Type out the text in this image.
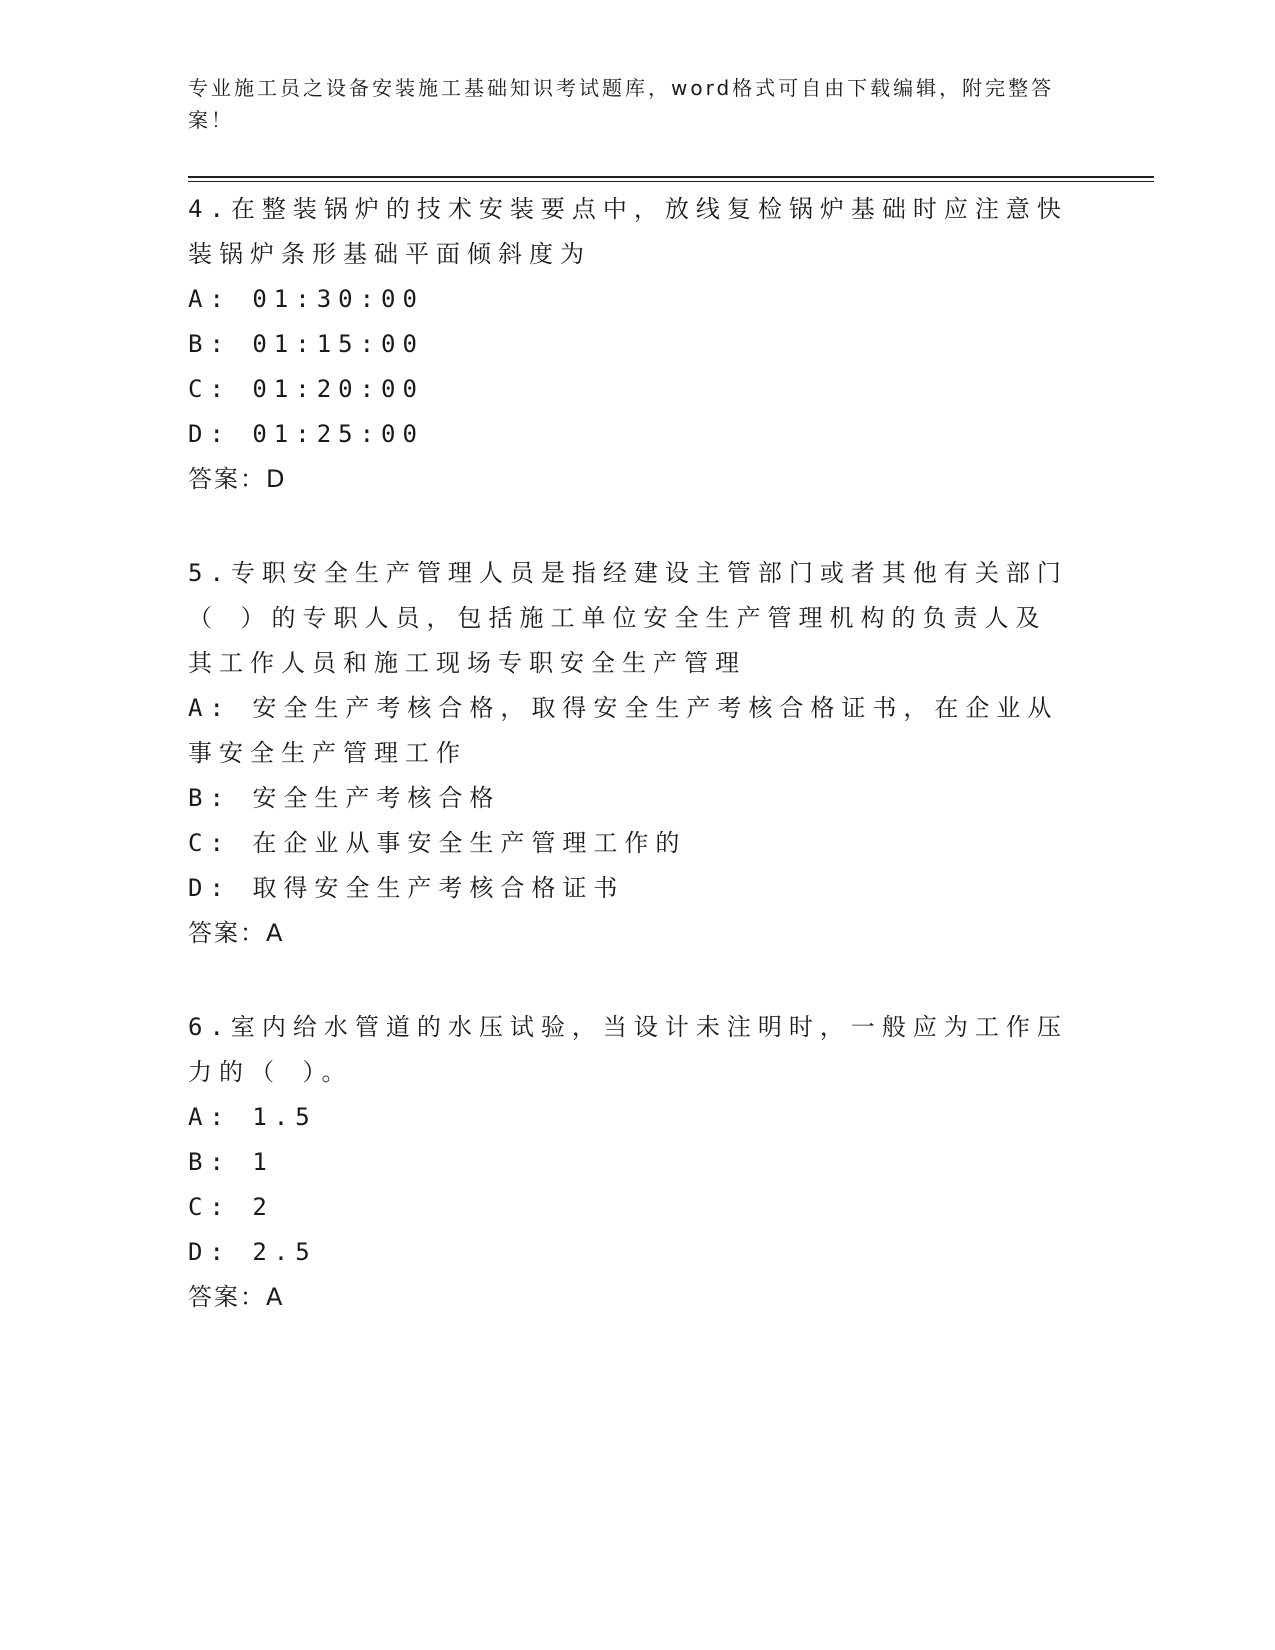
专业施工员之设备安装施工基础知识考试题库，word格式可自由下载编辑，附完整答案！

4.在整装锅炉的技术安装要点中，放线复检锅炉基础时应注意快装锅炉条形基础平面倾斜度为

A: 01:30:00

B: 01:15:00

C: 01:20:00

D: 01:25:00

答案：D

5.专职安全生产管理人员是指经建设主管部门或者其他有关部门（ ）的专职人员，包括施工单位安全生产管理机构的负责人及其工作人员和施工现场专职安全生产管理

A: 安全生产考核合格，取得安全生产考核合格证书，在企业从事安全生产管理工作

B: 安全生产考核合格

C: 在企业从事安全生产管理工作的

D: 取得安全生产考核合格证书

答案：A

6.室内给水管道的水压试验，当设计未注明时，一般应为工作压力的（ ）。

A: 1.5

B: 1

C: 2

D: 2.5

答案：A
